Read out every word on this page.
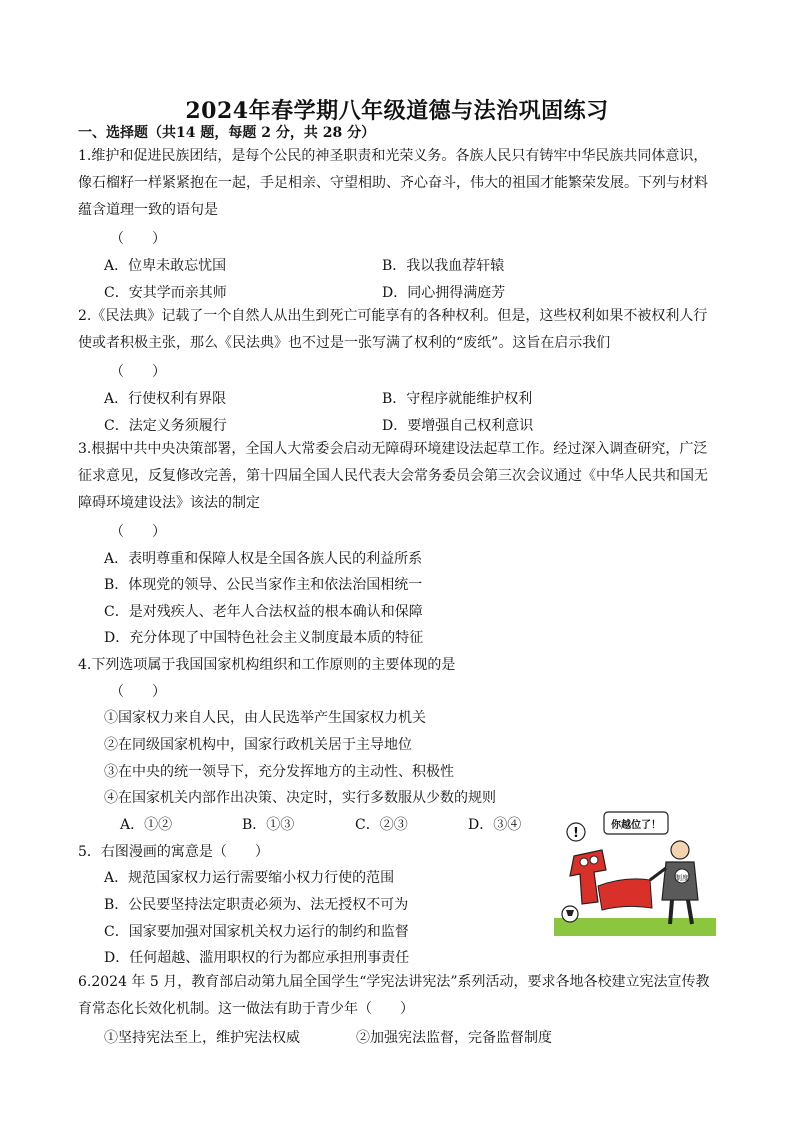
2024年春学期八年级道德与法治巩固练习
一、选择题（共14 题，每题 2 分，共 28 分）
1.维护和促进民族团结，是每个公民的神圣职责和光荣义务。各族人民只有铸牢中华民族共同体意识，像石榴籽一样紧紧抱在一起，手足相亲、守望相助、齐心奋斗，伟大的祖国才能繁荣发展。下列与材料蕴含道理一致的语句是
（　　）
A．位卑未敢忘忧国	B．我以我血荐轩辕
C．安其学而亲其师	D．同心拥得满庭芳
2.《民法典》记载了一个自然人从出生到死亡可能享有的各种权利。但是，这些权利如果不被权利人行使或者积极主张，那么《民法典》也不过是一张写满了权利的“废纸”。这旨在启示我们
（　　）
A．行使权利有界限	B．守程序就能维护权利
C．法定义务须履行	D．要增强自己权利意识
3.根据中共中央决策部署，全国人大常委会启动无障碍环境建设法起草工作。经过深入调查研究，广泛征求意见，反复修改完善，第十四届全国人民代表大会常务委员会第三次会议通过《中华人民共和国无障碍环境建设法》该法的制定
（　　）
A．表明尊重和保障人权是全国各族人民的利益所系
B．体现党的领导、公民当家作主和依法治国相统一
C．是对残疾人、老年人合法权益的根本确认和保障
D．充分体现了中国特色社会主义制度最本质的特征
4.下列选项属于我国国家机构组织和工作原则的主要体现的是
（　　）
①国家权力来自人民，由人民选举产生国家权力机关
②在同级国家机构中，国家行政机关居于主导地位
③在中央的统一领导下，充分发挥地方的主动性、积极性
④在国家机关内部作出决策、决定时，实行多数服从少数的规则
A．①②	B．①③	C．②③	D．③④
5．右图漫画的寓意是（　　）
A．规范国家权力运行需要缩小权力行使的范围
B．公民要坚持法定职责必须为、法无授权不可为
C．国家要加强对国家机关权力运行的制约和监督
D．任何超越、滥用职权的行为都应承担刑事责任
你越位了！
!
制度
6.2024 年 5 月，教育部启动第九届全国学生“学宪法讲宪法”系列活动，要求各地各校建立宪法宣传教育常态化长效化机制。这一做法有助于青少年（　　）
①坚持宪法至上，维护宪法权威	②加强宪法监督，完备监督制度
